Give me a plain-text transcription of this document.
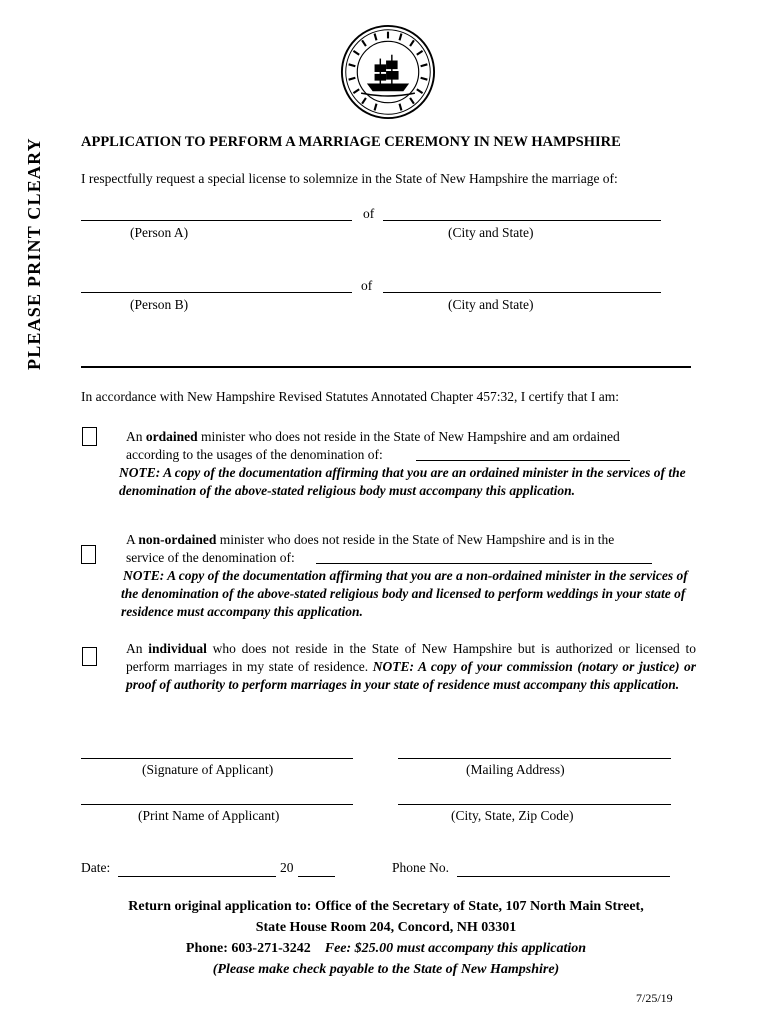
PLEASE PRINT CLEARY	APPLICATION TO PERFORM A MARRIAGE CEREMONY IN NEW HAMPSHIRE
I respectfully request a special license to solemnize in the State of New Hampshire the marriage of:
of
(Person A)	(City and State)
of
(Person B)	(City and State)
In accordance with New Hampshire Revised Statutes Annotated Chapter 457:32, I certify that I am:
An ordained minister who does not reside in the State of New Hampshire and am ordained
according to the usages of the denomination of:
NOTE: A copy of the documentation affirming that you are an ordained minister in the services of the denomination of the above-stated religious body must accompany this application.
A non-ordained minister who does not reside in the State of New Hampshire and is in the
service of the denomination of:
NOTE: A copy of the documentation affirming that you are a non-ordained minister in the services of the denomination of the above-stated religious body and licensed to perform weddings in your state of residence must accompany this application.
An individual who does not reside in the State of New Hampshire but is authorized or licensed to perform marriages in my state of residence. NOTE: A copy of your commission (notary or justice) or proof of authority to perform marriages in your state of residence must accompany this application.
(Signature of Applicant)	(Mailing Address)
(Print Name of Applicant)	(City, State, Zip Code)
Date:	20	Phone No.
Return original application to: Office of the Secretary of State, 107 North Main Street,
State House Room 204, Concord, NH 03301
Phone: 603-271-3242 Fee: $25.00 must accompany this application
(Please make check payable to the State of New Hampshire)
7/25/19
